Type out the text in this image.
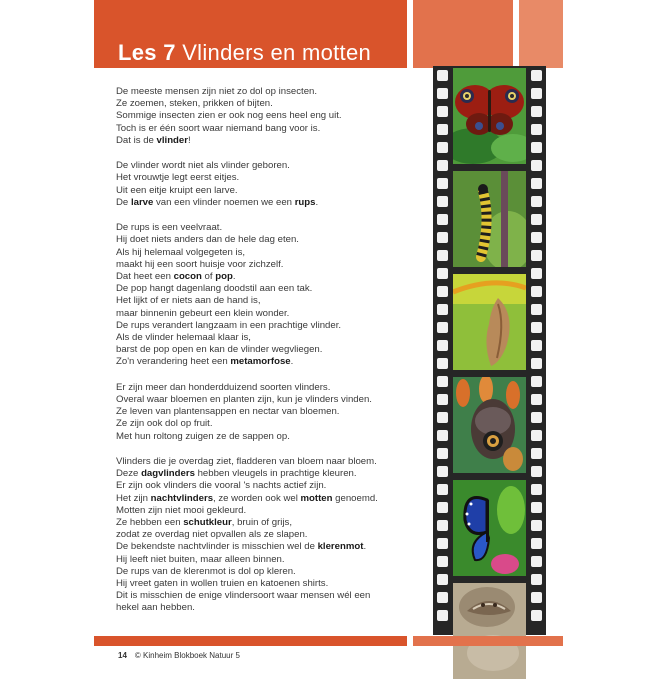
Les 7 Vlinders en motten
De meeste mensen zijn niet zo dol op insecten.
Ze zoemen, steken, prikken of bijten.
Sommige insecten zien er ook nog eens heel eng uit.
Toch is er één soort waar niemand bang voor is.
Dat is de vlinder!
De vlinder wordt niet als vlinder geboren.
Het vrouwtje legt eerst eitjes.
Uit een eitje kruipt een larve.
De larve van een vlinder noemen we een rups.
De rups is een veelvraat.
Hij doet niets anders dan de hele dag eten.
Als hij helemaal volgegeten is,
maakt hij een soort huisje voor zichzelf.
Dat heet een cocon of pop.
De pop hangt dagenlang doodstil aan een tak.
Het lijkt of er niets aan de hand is,
maar binnenin gebeurt een klein wonder.
De rups verandert langzaam in een prachtige vlinder.
Als de vlinder helemaal klaar is,
barst de pop open en kan de vlinder wegvliegen.
Zo'n verandering heet een metamorfose.
Er zijn meer dan honderdduizend soorten vlinders.
Overal waar bloemen en planten zijn, kun je vlinders vinden.
Ze leven van plantensappen en nectar van bloemen.
Ze zijn ook dol op fruit.
Met hun roltong zuigen ze de sappen op.
Vlinders die je overdag ziet, fladderen van bloem naar bloem.
Deze dagvlinders hebben vleugels in prachtige kleuren.
Er zijn ook vlinders die vooral 's nachts actief zijn.
Het zijn nachtvlinders, ze worden ook wel motten genoemd.
Motten zijn niet mooi gekleurd.
Ze hebben een schutkleur, bruin of grijs,
zodat ze overdag niet opvallen als ze slapen.
De bekendste nachtvlinder is misschien wel de klerenmot.
Hij leeft niet buiten, maar alleen binnen.
De rups van de klerenmot is dol op kleren.
Hij vreet gaten in wollen truien en katoenen shirts.
Dit is misschien de enige vlindersoort waar mensen wél een
hekel aan hebben.
14 © Kinheim Blokboek Natuur 5
